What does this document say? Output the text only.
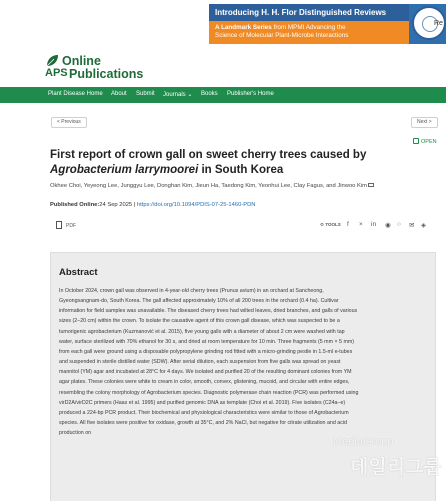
Introducing H. H. Flor Distinguished Reviews
A Landmark Series from MPMI Advancing the
Science of Molecular Plant-Microbe Interactions
Re
Online
APS Publications
Plant Disease Home About Submit Journals ⌄ Books Publisher's Home
< Previous	Next >
OPEN
First report of crown gall on sweet cherry trees caused by
Agrobacterium larrymoorei in South Korea
Okhee Choi, Yeyeong Lee, Junggyu Lee, Donghan Kim, Jieun Ha, Taedong Kim, Yeonhui Lee, Clay Fagus, and Jinwoo Kim
Published Online:24 Sep 2025 | https://doi.org/10.1094/PDIS-07-25-1460-PDN
PDF	⚙ TOOLS f × in ◉ ○ ✉ ◈
Abstract

In October 2024, crown gall was observed in 4-year-old cherry trees (Prunus avium) in an orchard at Sancheong, Gyeongsangnam-do, South Korea. The gall affected approximately 10% of all 200 trees in the orchard (0.4 ha). Cultivar information for field samples was unavailable. The diseased cherry trees had wilted leaves, dried branches, and galls of various sizes (2–20 cm) within the crown. To isolate the causative agent of this crown gall disease, which was suspected to be a tumorigenic agrobacterium (Kuzmanović et al. 2015), five young galls with a diameter of about 2 cm were washed with tap water, surface sterilized with 70% ethanol for 30 s, and dried at room temperature for 10 min. Three fragments (5 mm × 5 mm) from each gall were ground using a disposable polypropylene grinding rod fitted with a micro-grinding pestle in 1.5-ml e-tubes and suspended in sterile distilled water (SDW). After serial dilution, each suspension from five galls was spread on yeast mannitol (YM) agar and incubated at 28°C for 4 days. We isolated and purified 20 of the resulting dominant colonies from YM agar plates. These colonies were white to cream in color, smooth, convex, glistening, mucoid, and circular with entire edges, resembling the colony morphology of Agrobacterium species. Diagnostic polymerase chain reaction (PCR) was performed using virD2A/virD2C primers (Haas et al. 1995) and purified genomic DNA as template (Choi et al. 2019). Five isolates (C24a–e) produced a 224-bp PCR product. Their biochemical and physiological characteristics were similar to those of Agrobacterium species. All five isolates were positive for oxidase, growth at 35°C, and 2% NaCl, but negative for citrate utilization and acid production on

MediaGroup
데일리그룹
